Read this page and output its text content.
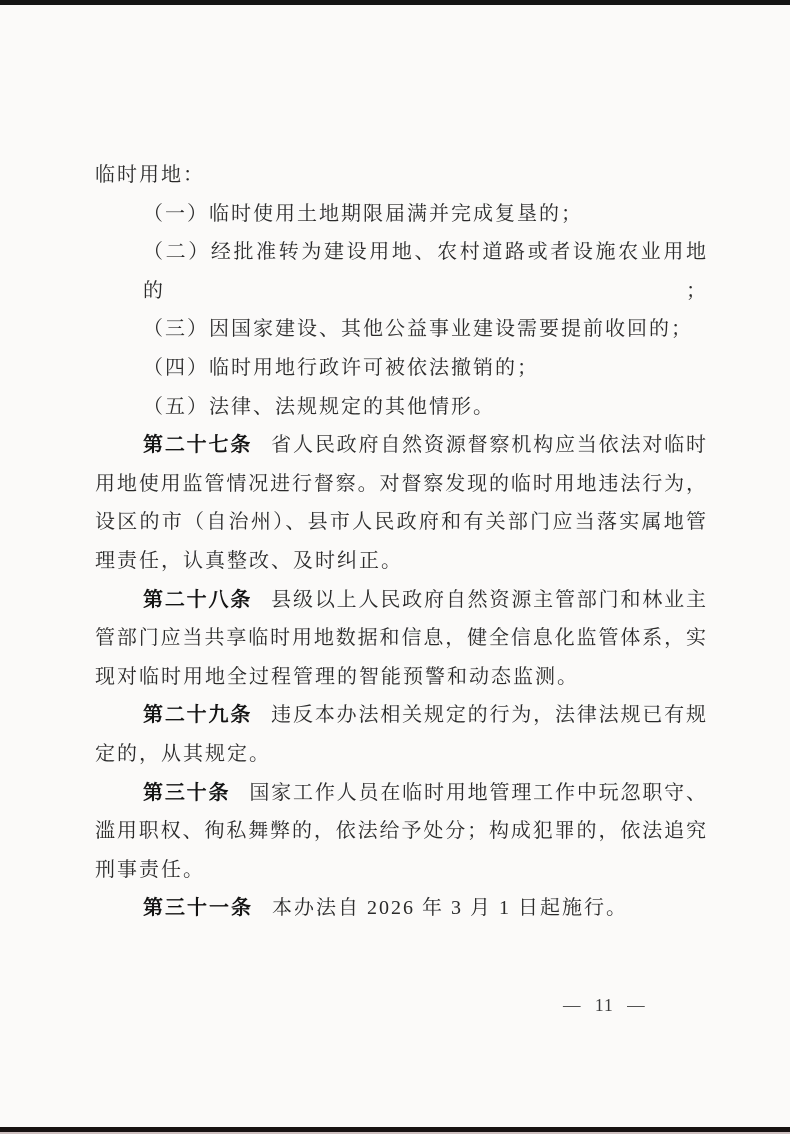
临时用地：
（一）临时使用土地期限届满并完成复垦的；
（二）经批准转为建设用地、农村道路或者设施农业用地的；
（三）因国家建设、其他公益事业建设需要提前收回的；
（四）临时用地行政许可被依法撤销的；
（五）法律、法规规定的其他情形。
第二十七条 省人民政府自然资源督察机构应当依法对临时
用地使用监管情况进行督察。对督察发现的临时用地违法行为，
设区的市（自治州）、县市人民政府和有关部门应当落实属地管
理责任，认真整改、及时纠正。
第二十八条 县级以上人民政府自然资源主管部门和林业主
管部门应当共享临时用地数据和信息，健全信息化监管体系，实
现对临时用地全过程管理的智能预警和动态监测。
第二十九条 违反本办法相关规定的行为，法律法规已有规
定的，从其规定。
第三十条 国家工作人员在临时用地管理工作中玩忽职守、
滥用职权、徇私舞弊的，依法给予处分；构成犯罪的，依法追究
刑事责任。
第三十一条 本办法自 2026 年 3 月 1 日起施行。
— 11 —
